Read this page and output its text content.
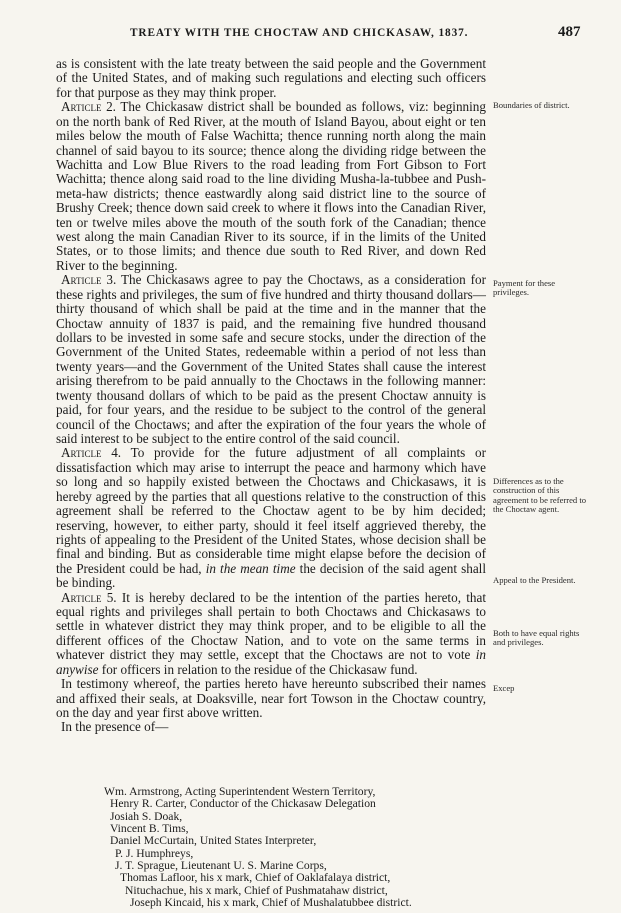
TREATY WITH THE CHOCTAW AND CHICKASAW, 1837.	487

as is consistent with the late treaty between the said people and the Government of the United States, and of making such regulations and electing such officers for that purpose as they may think proper.

Article 2. The Chickasaw district shall be bounded as follows, viz: beginning on the north bank of Red River, at the mouth of Island Bayou, about eight or ten miles below the mouth of False Wachitta; thence running north along the main channel of said bayou to its source; thence along the dividing ridge between the Wachitta and Low Blue Rivers to the road leading from Fort Gibson to Fort Wachitta; thence along said road to the line dividing Musha-la-tubbee and Push-meta-haw districts; thence eastwardly along said district line to the source of Brushy Creek; thence down said creek to where it flows into the Canadian River, ten or twelve miles above the mouth of the south fork of the Canadian; thence west along the main Canadian River to its source, if in the limits of the United States, or to those limits; and thence due south to Red River, and down Red River to the beginning.

Article 3. The Chickasaws agree to pay the Choctaws, as a consideration for these rights and privileges, the sum of five hundred and thirty thousand dollars—thirty thousand of which shall be paid at the time and in the manner that the Choctaw annuity of 1837 is paid, and the remaining five hundred thousand dollars to be invested in some safe and secure stocks, under the direction of the Government of the United States, redeemable within a period of not less than twenty years—and the Government of the United States shall cause the interest arising therefrom to be paid annually to the Choctaws in the following manner: twenty thousand dollars of which to be paid as the present Choctaw annuity is paid, for four years, and the residue to be subject to the control of the general council of the Choctaws; and after the expiration of the four years the whole of said interest to be subject to the entire control of the said council.

Article 4. To provide for the future adjustment of all complaints or dissatisfaction which may arise to interrupt the peace and harmony which have so long and so happily existed between the Choctaws and Chickasaws, it is hereby agreed by the parties that all questions relative to the construction of this agreement shall be referred to the Choctaw agent to be by him decided; reserving, however, to either party, should it feel itself aggrieved thereby, the rights of appealing to the President of the United States, whose decision shall be final and binding. But as considerable time might elapse before the decision of the President could be had, in the mean time the decision of the said agent shall be binding.

Article 5. It is hereby declared to be the intention of the parties hereto, that equal rights and privileges shall pertain to both Choctaws and Chickasaws to settle in whatever district they may think proper, and to be eligible to all the different offices of the Choctaw Nation, and to vote on the same terms in whatever district they may settle, except that the Choctaws are not to vote in anywise for officers in relation to the residue of the Chickasaw fund.

In testimony whereof, the parties hereto have hereunto subscribed their names and affixed their seals, at Doaksville, near fort Towson in the Choctaw country, on the day and year first above written.

In the presence of—

Boundaries of district.
Payment for these privileges.
Differences as to the construction of this agreement to be referred to the Choctaw agent.
Appeal to the President.
Both to have equal rights and privileges.
Excep
Wm. Armstrong, Acting Superintendent Western Territory,
Henry R. Carter, Conductor of the Chickasaw Delegation
Josiah S. Doak,
Vincent B. Tims,
Daniel McCurtain, United States Interpreter,
P. J. Humphreys,
J. T. Sprague, Lieutenant U. S. Marine Corps,
Thomas Lafloor, his x mark, Chief of Oaklafalaya district,
Nituchachue, his x mark, Chief of Pushmatahaw district,
Joseph Kincaid, his x mark, Chief of Mushalatubbee district.
